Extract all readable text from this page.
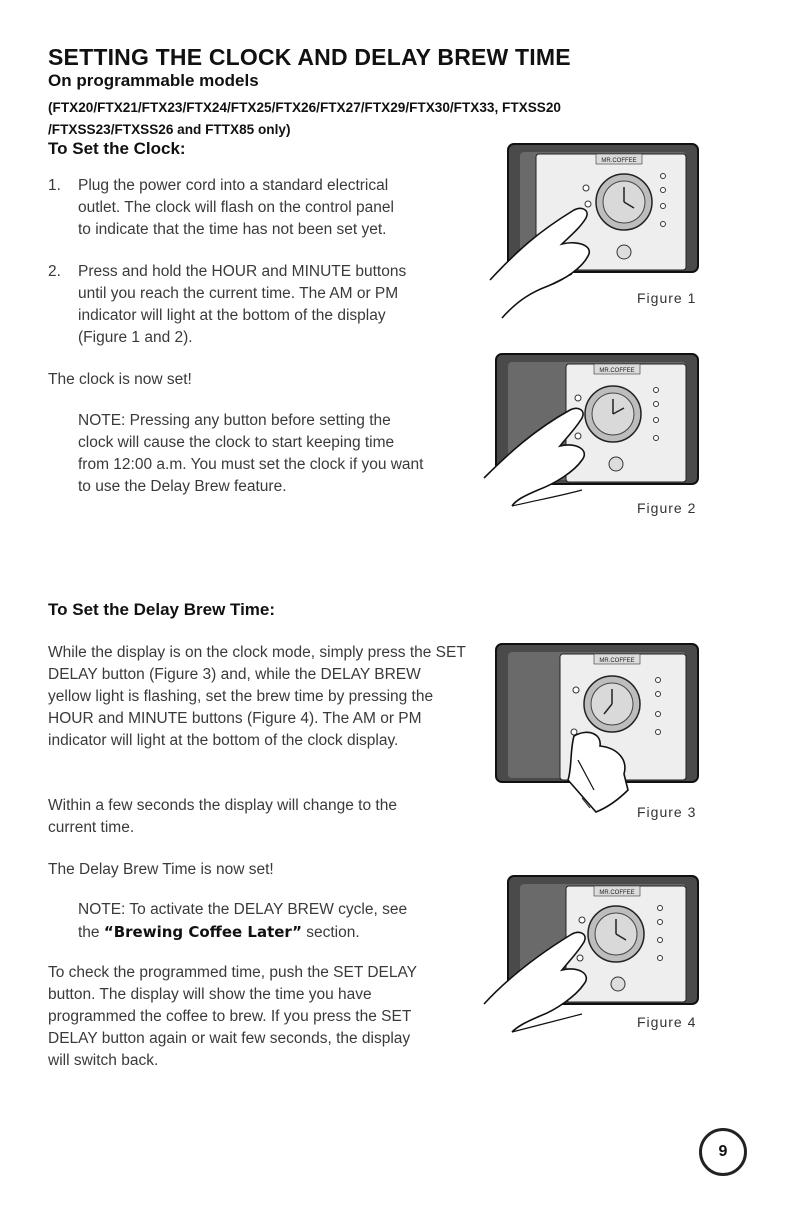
SETTING THE CLOCK AND DELAY BREW TIME
On programmable models
(FTX20/FTX21/FTX23/FTX24/FTX25/FTX26/FTX27/FTX29/FTX30/FTX33, FTXSS20
/FTXSS23/FTXSS26 and FTTX85 only)
To Set the Clock:
1. Plug the power cord into a standard electrical outlet. The clock will flash on the control panel to indicate that the time has not been set yet.
2. Press and hold the HOUR and MINUTE buttons until you reach the current time. The AM or PM indicator will light at the bottom of the display (Figure 1 and 2).
The clock is now set!
NOTE: Pressing any button before setting the clock will cause the clock to start keeping time from 12:00 a.m. You must set the clock if you want to use the Delay Brew feature.
To Set the Delay Brew Time:
While the display is on the clock mode, simply press the SET DELAY button (Figure 3) and, while the DELAY BREW yellow light is flashing, set the brew time by pressing the HOUR and MINUTE buttons (Figure 4). The AM or PM indicator will light at the bottom of the clock display.
Within a few seconds the display will change to the current time.
The Delay Brew Time is now set!
NOTE: To activate the DELAY BREW cycle, see the “Brewing Coffee Later” section.
To check the programmed time, push the SET DELAY button. The display will show the time you have programmed the coffee to brew. If you press the SET DELAY button again or wait few seconds, the display will switch back.
MR.COFFEE
Figure 1
MR.COFFEE
Figure 2
MR.COFFEE
Figure 3
MR.COFFEE
Figure 4
9
